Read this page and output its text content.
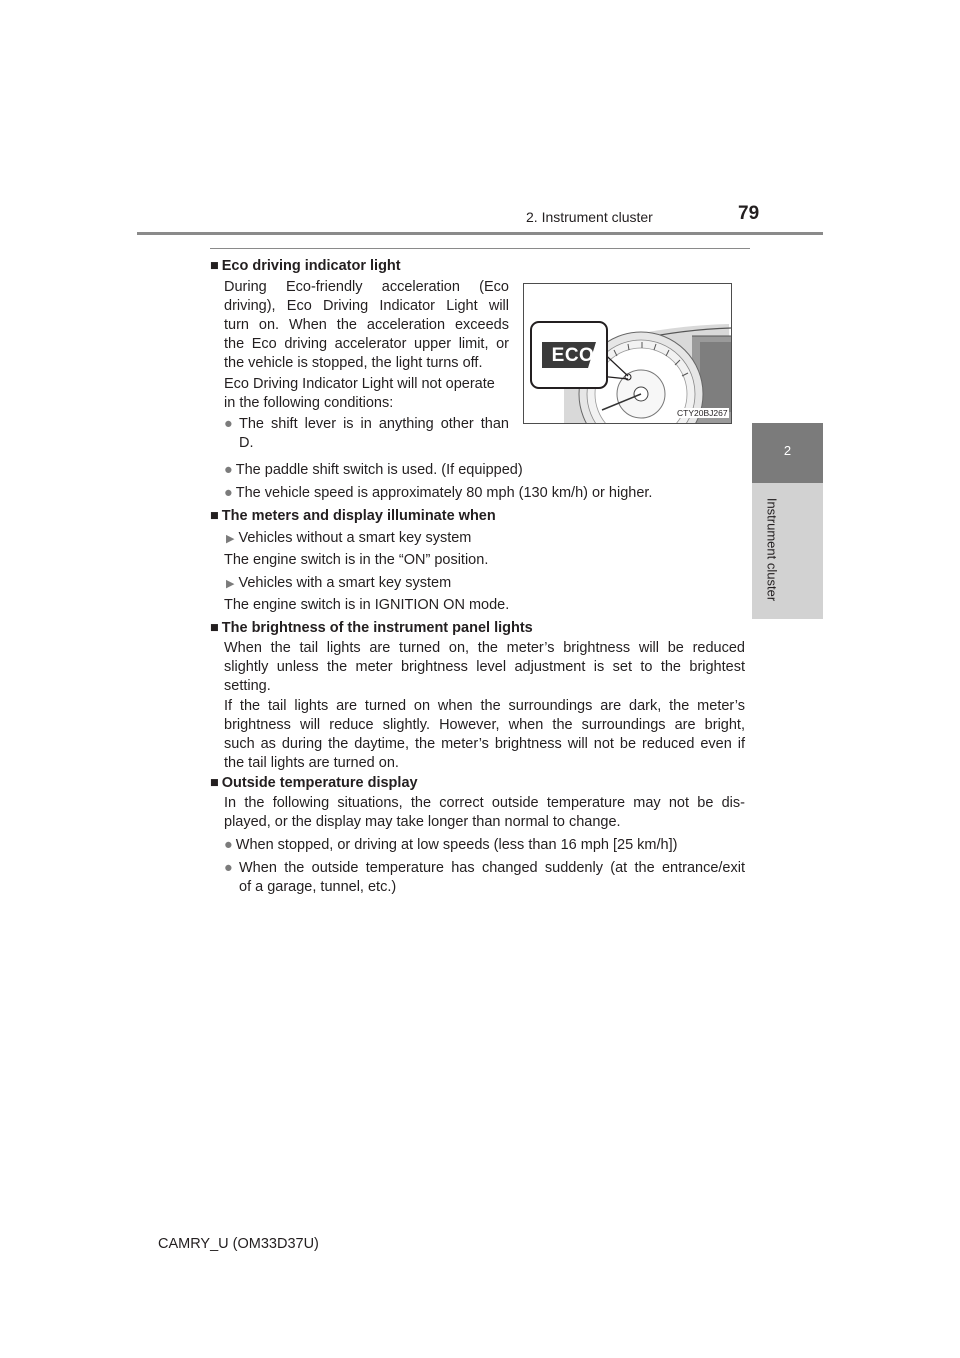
2. Instrument cluster	79
2
Instrument cluster
■ Eco driving indicator light
During Eco-friendly acceleration (Eco
driving), Eco Driving Indicator Light will
turn on. When the acceleration exceeds
the Eco driving accelerator upper limit, or
the vehicle is stopped, the light turns off.
Eco Driving Indicator Light will not operate
in the following conditions:
● The shift lever is in anything other than
D.
● The paddle shift switch is used. (If equipped)
● The vehicle speed is approximately 80 mph (130 km/h) or higher.
ECO
CTY20BJ267
■ The meters and display illuminate when
▶ Vehicles without a smart key system
The engine switch is in the “ON” position.
▶ Vehicles with a smart key system
The engine switch is in IGNITION ON mode.
■ The brightness of the instrument panel lights
When the tail lights are turned on, the meter’s brightness will be reduced
slightly unless the meter brightness level adjustment is set to the brightest
setting.
If the tail lights are turned on when the surroundings are dark, the meter’s
brightness will reduce slightly. However, when the surroundings are bright,
such as during the daytime, the meter’s brightness will not be reduced even if
the tail lights are turned on.
■ Outside temperature display
In the following situations, the correct outside temperature may not be dis-
played, or the display may take longer than normal to change.
● When stopped, or driving at low speeds (less than 16 mph [25 km/h])
● When the outside temperature has changed suddenly (at the entrance/exit
of a garage, tunnel, etc.)
CAMRY_U (OM33D37U)
